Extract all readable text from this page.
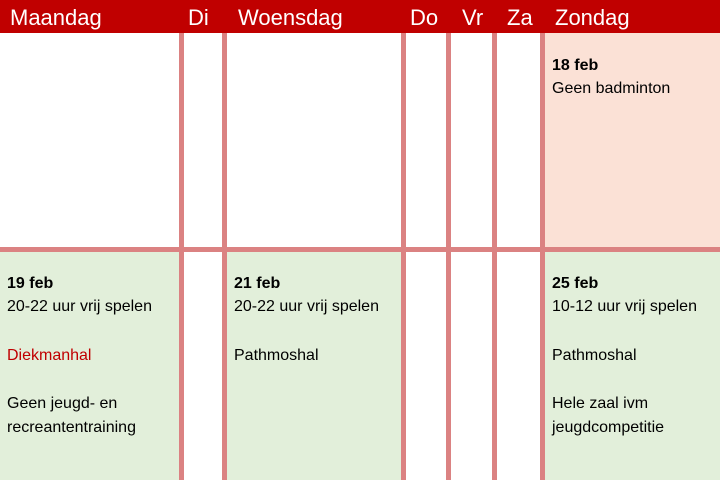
Maandag	Di Woensdag	Do Vr Za Zondag
18 feb
Geen badminton
19 feb
20-22 uur vrij spelen
Diekmanhal
Geen jeugd- en
recreantentraining
21 feb
20-22 uur vrij spelen
Pathmoshal
25 feb
10-12 uur vrij spelen
Pathmoshal
Hele zaal ivm
jeugdcompetitie
